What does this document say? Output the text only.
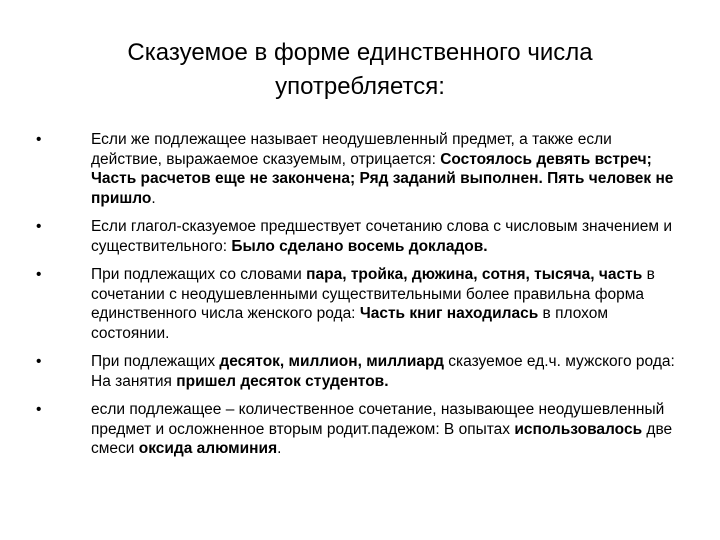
Сказуемое в форме единственного числа
употребляется:
•	Если же подлежащее называет неодушевленный предмет, а также если действие, выражаемое сказуемым, отрицается: Состоялось девять встреч; Часть расчетов еще не закончена; Ряд заданий выполнен. Пять человек не пришло.
•	Если глагол-сказуемое предшествует сочетанию слова с числовым значением и существительного: Было сделано восемь докладов.
•	При подлежащих со словами пара, тройка, дюжина, сотня, тысяча, часть в сочетании с неодушевленными существительными более правильна форма единственного числа женского рода: Часть книг находилась в плохом состоянии.
•	При подлежащих десяток, миллион, миллиард сказуемое ед.ч. мужского рода: На занятия пришел десяток студентов.
•	если подлежащее – количественное сочетание, называющее неодушевленный предмет и осложненное вторым родит.падежом: В опытах использовалось две смеси оксида алюминия.
